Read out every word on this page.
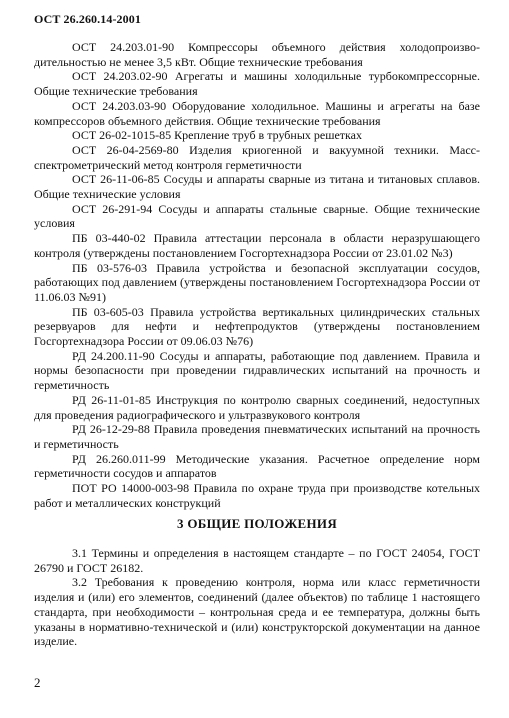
ОСТ 26.260.14-2001

ОСТ 24.203.01-90 Компрессоры объемного действия холодопроизводительностью не менее 3,5 кВт. Общие технические требования

ОСТ 24.203.02-90 Агрегаты и машины холодильные турбокомпрессорные. Общие технические требования

ОСТ 24.203.03-90 Оборудование холодильное. Машины и агрегаты на базе компрессоров объемного действия. Общие технические требования

ОСТ 26-02-1015-85 Крепление труб в трубных решетках

ОСТ 26-04-2569-80 Изделия криогенной и вакуумной техники. Массспектрометрический метод контроля герметичности

ОСТ 26-11-06-85 Сосуды и аппараты сварные из титана и титановых сплавов. Общие технические условия

ОСТ 26-291-94 Сосуды и аппараты стальные сварные. Общие технические условия

ПБ 03-440-02 Правила аттестации персонала в области неразрушающего контроля (утверждены постановлением Госгортехнадзора России от 23.01.02 №3)

ПБ 03-576-03 Правила устройства и безопасной эксплуатации сосудов, работающих под давлением (утверждены постановлением Госгортехнадзора России от 11.06.03 №91)

ПБ 03-605-03 Правила устройства вертикальных цилиндрических стальных резервуаров для нефти и нефтепродуктов (утверждены постановлением Госгортехнадзора России от 09.06.03 №76)

РД 24.200.11-90 Сосуды и аппараты, работающие под давлением. Правила и нормы безопасности при проведении гидравлических испытаний на прочность и герметичность

РД 26-11-01-85 Инструкция по контролю сварных соединений, недоступных для проведения радиографического и ультразвукового контроля

РД 26-12-29-88 Правила проведения пневматических испытаний на прочность и герметичность

РД 26.260.011-99 Методические указания. Расчетное определение норм герметичности сосудов и аппаратов

ПОТ РО 14000-003-98 Правила по охране труда при производстве котельных работ и металлических конструкций

3 ОБЩИЕ ПОЛОЖЕНИЯ

3.1 Термины и определения в настоящем стандарте – по ГОСТ 24054, ГОСТ 26790 и ГОСТ 26182.

3.2 Требования к проведению контроля, норма или класс герметичности изделия и (или) его элементов, соединений (далее объектов) по таблице 1 настоящего стандарта, при необходимости – контрольная среда и ее температура, должны быть указаны в нормативно-технической и (или) конструкторской документации на данное изделие.

2
